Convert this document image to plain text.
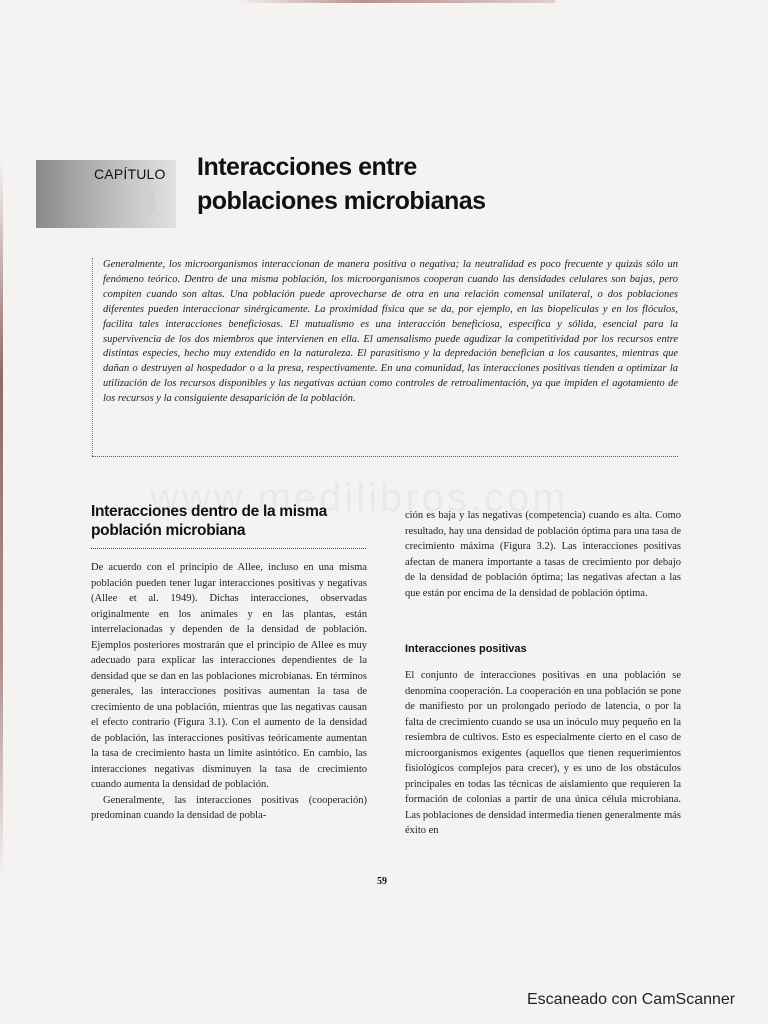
CAPÍTULO
3
Interacciones entre poblaciones microbianas
Generalmente, los microorganismos interaccionan de manera positiva o negativa; la neutralidad es poco frecuente y quizás sólo un fenómeno teórico. Dentro de una misma población, los microorganismos cooperan cuando las densidades celulares son bajas, pero compiten cuando son altas. Una población puede aprovecharse de otra en una relación comensal unilateral, o dos poblaciones diferentes pueden interaccionar sinérgicamente. La proximidad física que se da, por ejemplo, en las biopelículas y en los flóculos, facilita tales interacciones beneficiosas. El mutualismo es una interacción beneficiosa, específica y sólida, esencial para la supervivencia de los dos miembros que intervienen en ella. El amensalismo puede agudizar la competitividad por los recursos entre distintas especies, hecho muy extendido en la naturaleza. El parasitismo y la depredación benefician a los causantes, mientras que dañan o destruyen al hospedador o a la presa, respectivamente. En una comunidad, las interacciones positivas tienden a optimizar la utilización de los recursos disponibles y las negativas actúan como controles de retroalimentación, ya que impiden el agotamiento de los recursos y la consiguiente desaparición de la población.
Interacciones dentro de la misma población microbiana

De acuerdo con el principio de Allee, incluso en una misma población pueden tener lugar interacciones positivas y negativas (Allee et al. 1949). Dichas interacciones, observadas originalmente en los animales y en las plantas, están interrelacionadas y dependen de la densidad de población. Ejemplos posteriores mostrarán que el principio de Allee es muy adecuado para explicar las interacciones dependientes de la densidad que se dan en las poblaciones microbianas. En términos generales, las interacciones positivas aumentan la tasa de crecimiento de una población, mientras que las negativas causan el efecto contrario (Figura 3.1). Con el aumento de la densidad de población, las interacciones positivas teóricamente aumentan la tasa de crecimiento hasta un límite asintótico. En cambio, las interacciones negativas disminuyen la tasa de crecimiento cuando aumenta la densidad de población.

Generalmente, las interacciones positivas (cooperación) predominan cuando la densidad de pobla-

ción es baja y las negativas (competencia) cuando es alta. Como resultado, hay una densidad de población óptima para una tasa de crecimiento máxima (Figura 3.2). Las interacciones positivas afectan de manera importante a tasas de crecimiento por debajo de la densidad de población óptima; las negativas afectan a las que están por encima de la densidad de población óptima.

Interacciones positivas

El conjunto de interacciones positivas en una población se denomina cooperación. La cooperación en una población se pone de manifiesto por un prolongado período de latencia, o por la falta de crecimiento cuando se usa un inóculo muy pequeño en la resiembra de cultivos. Esto es especialmente cierto en el caso de microorganismos exigentes (aquellos que tienen requerimientos fisiológicos complejos para crecer), y es uno de los obstáculos principales en todas las técnicas de aislamiento que requieren la formación de colonias a partir de una única célula microbiana. Las poblaciones de densidad intermedia tienen generalmente más éxito en

59
Escaneado con CamScanner
